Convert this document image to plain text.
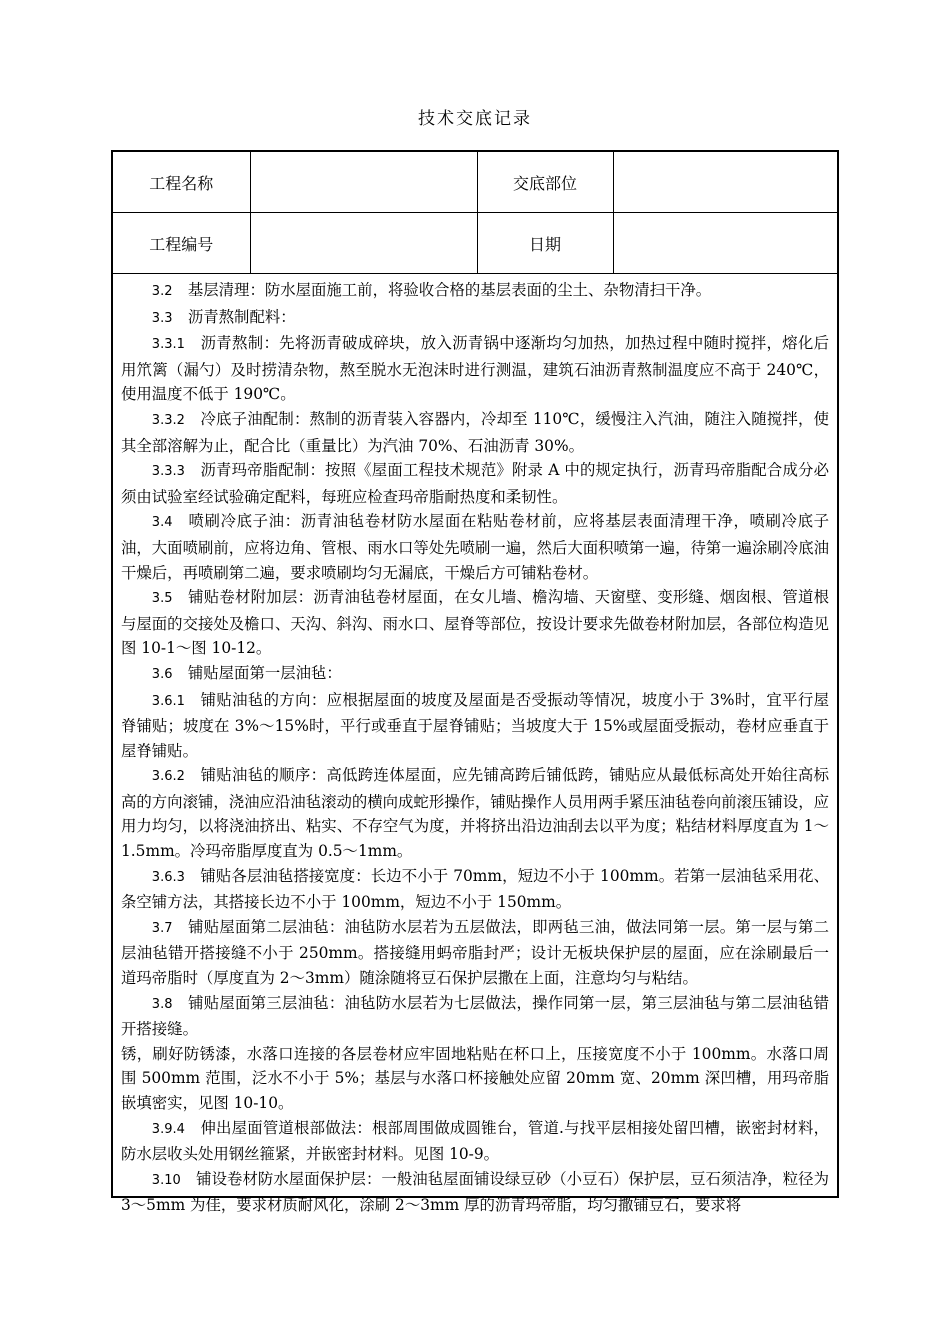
技术交底记录
工程名称		交底部位	
工程编号		日期	

3.2  基层清理：防水屋面施工前，将验收合格的基层表面的尘土、杂物清扫干净。

3.3  沥青熬制配料：

3.3.1  沥青熬制：先将沥青破成碎块，放入沥青锅中逐渐均匀加热，加热过程中随时搅拌，熔化后用笊篱（漏勺）及时捞清杂物，熬至脱水无泡沫时进行测温，建筑石油沥青熬制温度应不高于 240℃，使用温度不低于 190℃。

3.3.2  冷底子油配制：熬制的沥青装入容器内，冷却至 110℃，缓慢注入汽油，随注入随搅拌，使其全部溶解为止，配合比（重量比）为汽油 70%、石油沥青 30%。

3.3.3  沥青玛帝脂配制：按照《屋面工程技术规范》附录 A 中的规定执行，沥青玛帝脂配合成分必须由试验室经试验确定配料，每班应检查玛帝脂耐热度和柔韧性。

3.4  喷刷冷底子油：沥青油毡卷材防水屋面在粘贴卷材前，应将基层表面清理干净，喷刷冷底子油，大面喷刷前，应将边角、管根、雨水口等处先喷刷一遍，然后大面积喷第一遍，待第一遍涂刷冷底油干燥后，再喷刷第二遍，要求喷刷均匀无漏底，干燥后方可铺粘卷材。

3.5  铺贴卷材附加层：沥青油毡卷材屋面，在女儿墙、檐沟墙、天窗壁、变形缝、烟囱根、管道根与屋面的交接处及檐口、天沟、斜沟、雨水口、屋脊等部位，按设计要求先做卷材附加层，各部位构造见图 10-1～图 10-12。

3.6  铺贴屋面第一层油毡：

3.6.1  铺贴油毡的方向：应根据屋面的坡度及屋面是否受振动等情况，坡度小于 3%时，宜平行屋脊铺贴；坡度在 3%～15%时，平行或垂直于屋脊铺贴；当坡度大于 15%或屋面受振动，卷材应垂直于屋脊铺贴。

3.6.2  铺贴油毡的顺序：高低跨连体屋面，应先铺高跨后铺低跨，铺贴应从最低标高处开始往高标高的方向滚铺，浇油应沿油毡滚动的横向成蛇形操作，铺贴操作人员用两手紧压油毡卷向前滚压铺设，应用力均匀，以将浇油挤出、粘实、不存空气为度，并将挤出沿边油刮去以平为度；粘结材料厚度直为 1～1.5mm。冷玛帝脂厚度直为 0.5～1mm。

3.6.3  铺贴各层油毡搭接宽度：长边不小于 70mm，短边不小于 100mm。若第一层油毡采用花、条空铺方法，其搭接长边不小于 100mm，短边不小于 150mm。

3.7  铺贴屋面第二层油毡：油毡防水层若为五层做法，即两毡三油，做法同第一层。第一层与第二层油毡错开搭接缝不小于 250mm。搭接缝用蚂帝脂封严；设计无板块保护层的屋面，应在涂刷最后一道玛帝脂时（厚度直为 2～3mm）随涂随将豆石保护层撒在上面，注意均匀与粘结。

3.8  铺贴屋面第三层油毡：油毡防水层若为七层做法，操作同第一层，第三层油毡与第二层油毡错开搭接缝。

锈，刷好防锈漆，水落口连接的各层卷材应牢固地粘贴在杯口上，压接宽度不小于 100mm。水落口周围 500mm 范围，泛水不小于 5%；基层与水落口杯接触处应留 20mm 宽、20mm 深凹槽，用玛帝脂嵌填密实，见图 10-10。

3.9.4  伸出屋面管道根部做法：根部周围做成圆锥台，管道.与找平层相接处留凹槽，嵌密封材料，防水层收头处用钢丝箍紧，并嵌密封材料。见图 10-9。

3.10  铺设卷材防水屋面保护层：一般油毡屋面铺设绿豆砂（小豆石）保护层，豆石须洁净，粒径为 3～5mm 为佳，要求材质耐风化，涂刷 2～3mm 厚的沥青玛帝脂，均匀撒铺豆石，要求将
